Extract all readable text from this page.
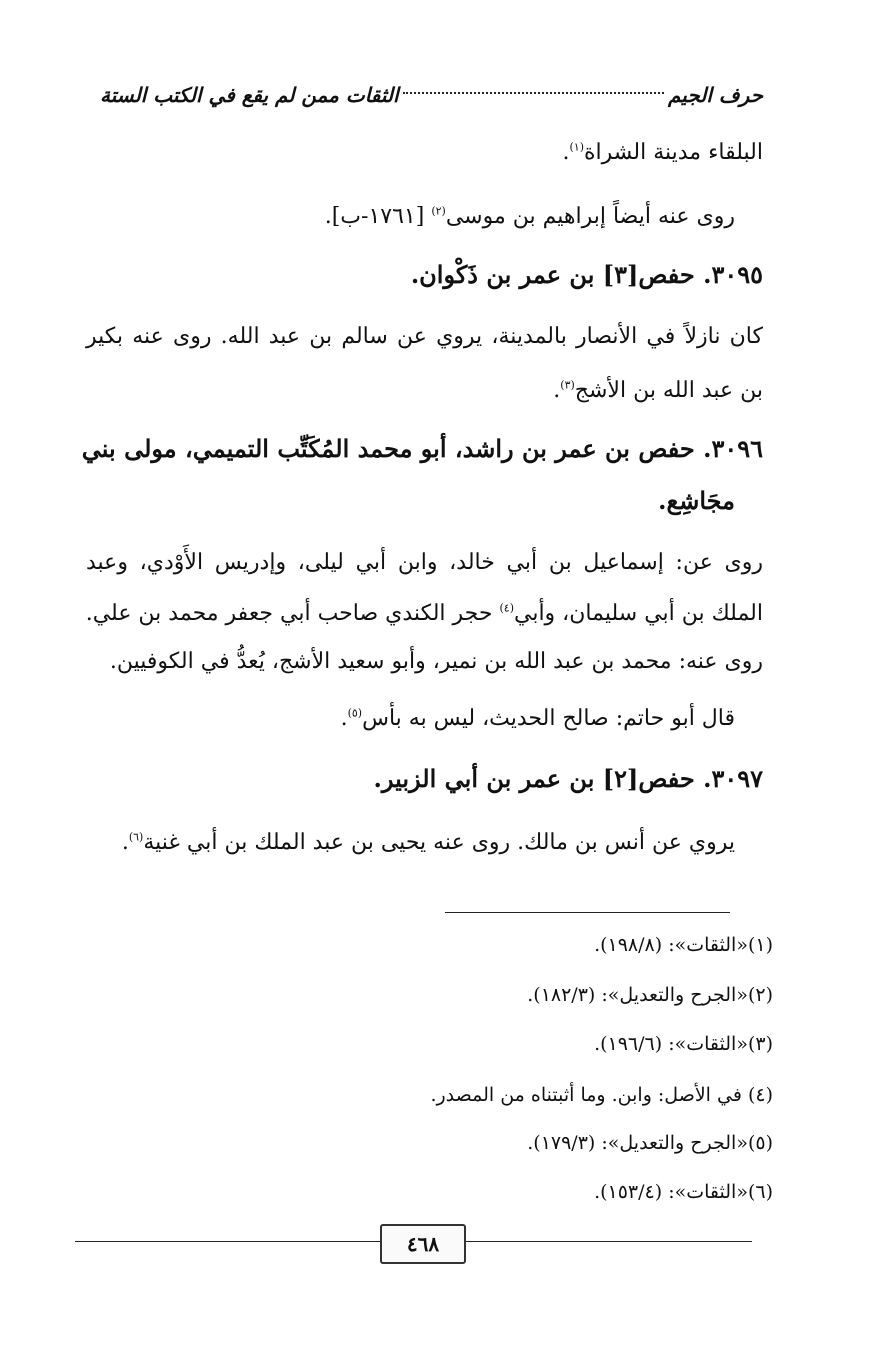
حرف الجيم
الثقات ممن لم يقع في الكتب الستة
البلقاء مدينة الشراة$^{(١)}$.
روى عنه أيضاً إبراهيم بن موسى$^{(٢)}$ [١٧٦١-ب].
٣٠٩٥. حفص[٣] بن عمر بن ذَكْوان.
كان نازلاً في الأنصار بالمدينة، يروي عن سالم بن عبد الله. روى عنه بكير
بن عبد الله بن الأشج$^{(٣)}$.
٣٠٩٦. حفص بن عمر بن راشد، أبو محمد المُكَتِّب التميمي، مولى بني
مجَاشِع.
روى عن: إسماعيل بن أبي خالد، وابن أبي ليلى، وإدريس الأَوْدي، وعبد
الملك بن أبي سليمان، وأبي$^{(٤)}$ حجر الكندي صاحب أبي جعفر محمد بن علي.
روى عنه: محمد بن عبد الله بن نمير، وأبو سعيد الأشج، يُعدُّ في الكوفيين.
قال أبو حاتم: صالح الحديث، ليس به بأس$^{(٥)}$.
٣٠٩٧. حفص[٢] بن عمر بن أبي الزبير.
يروي عن أنس بن مالك. روى عنه يحيى بن عبد الملك بن أبي غنية$^{(٦)}$.
(١)«الثقات»: (١٩٨/٨).
(٢)«الجرح والتعديل»: (١٨٢/٣).
(٣)«الثقات»: (١٩٦/٦).
(٤) في الأصل: وابن. وما أثبتناه من المصدر.
(٥)«الجرح والتعديل»: (١٧٩/٣).
(٦)«الثقات»: (١٥٣/٤).
٤٦٨
